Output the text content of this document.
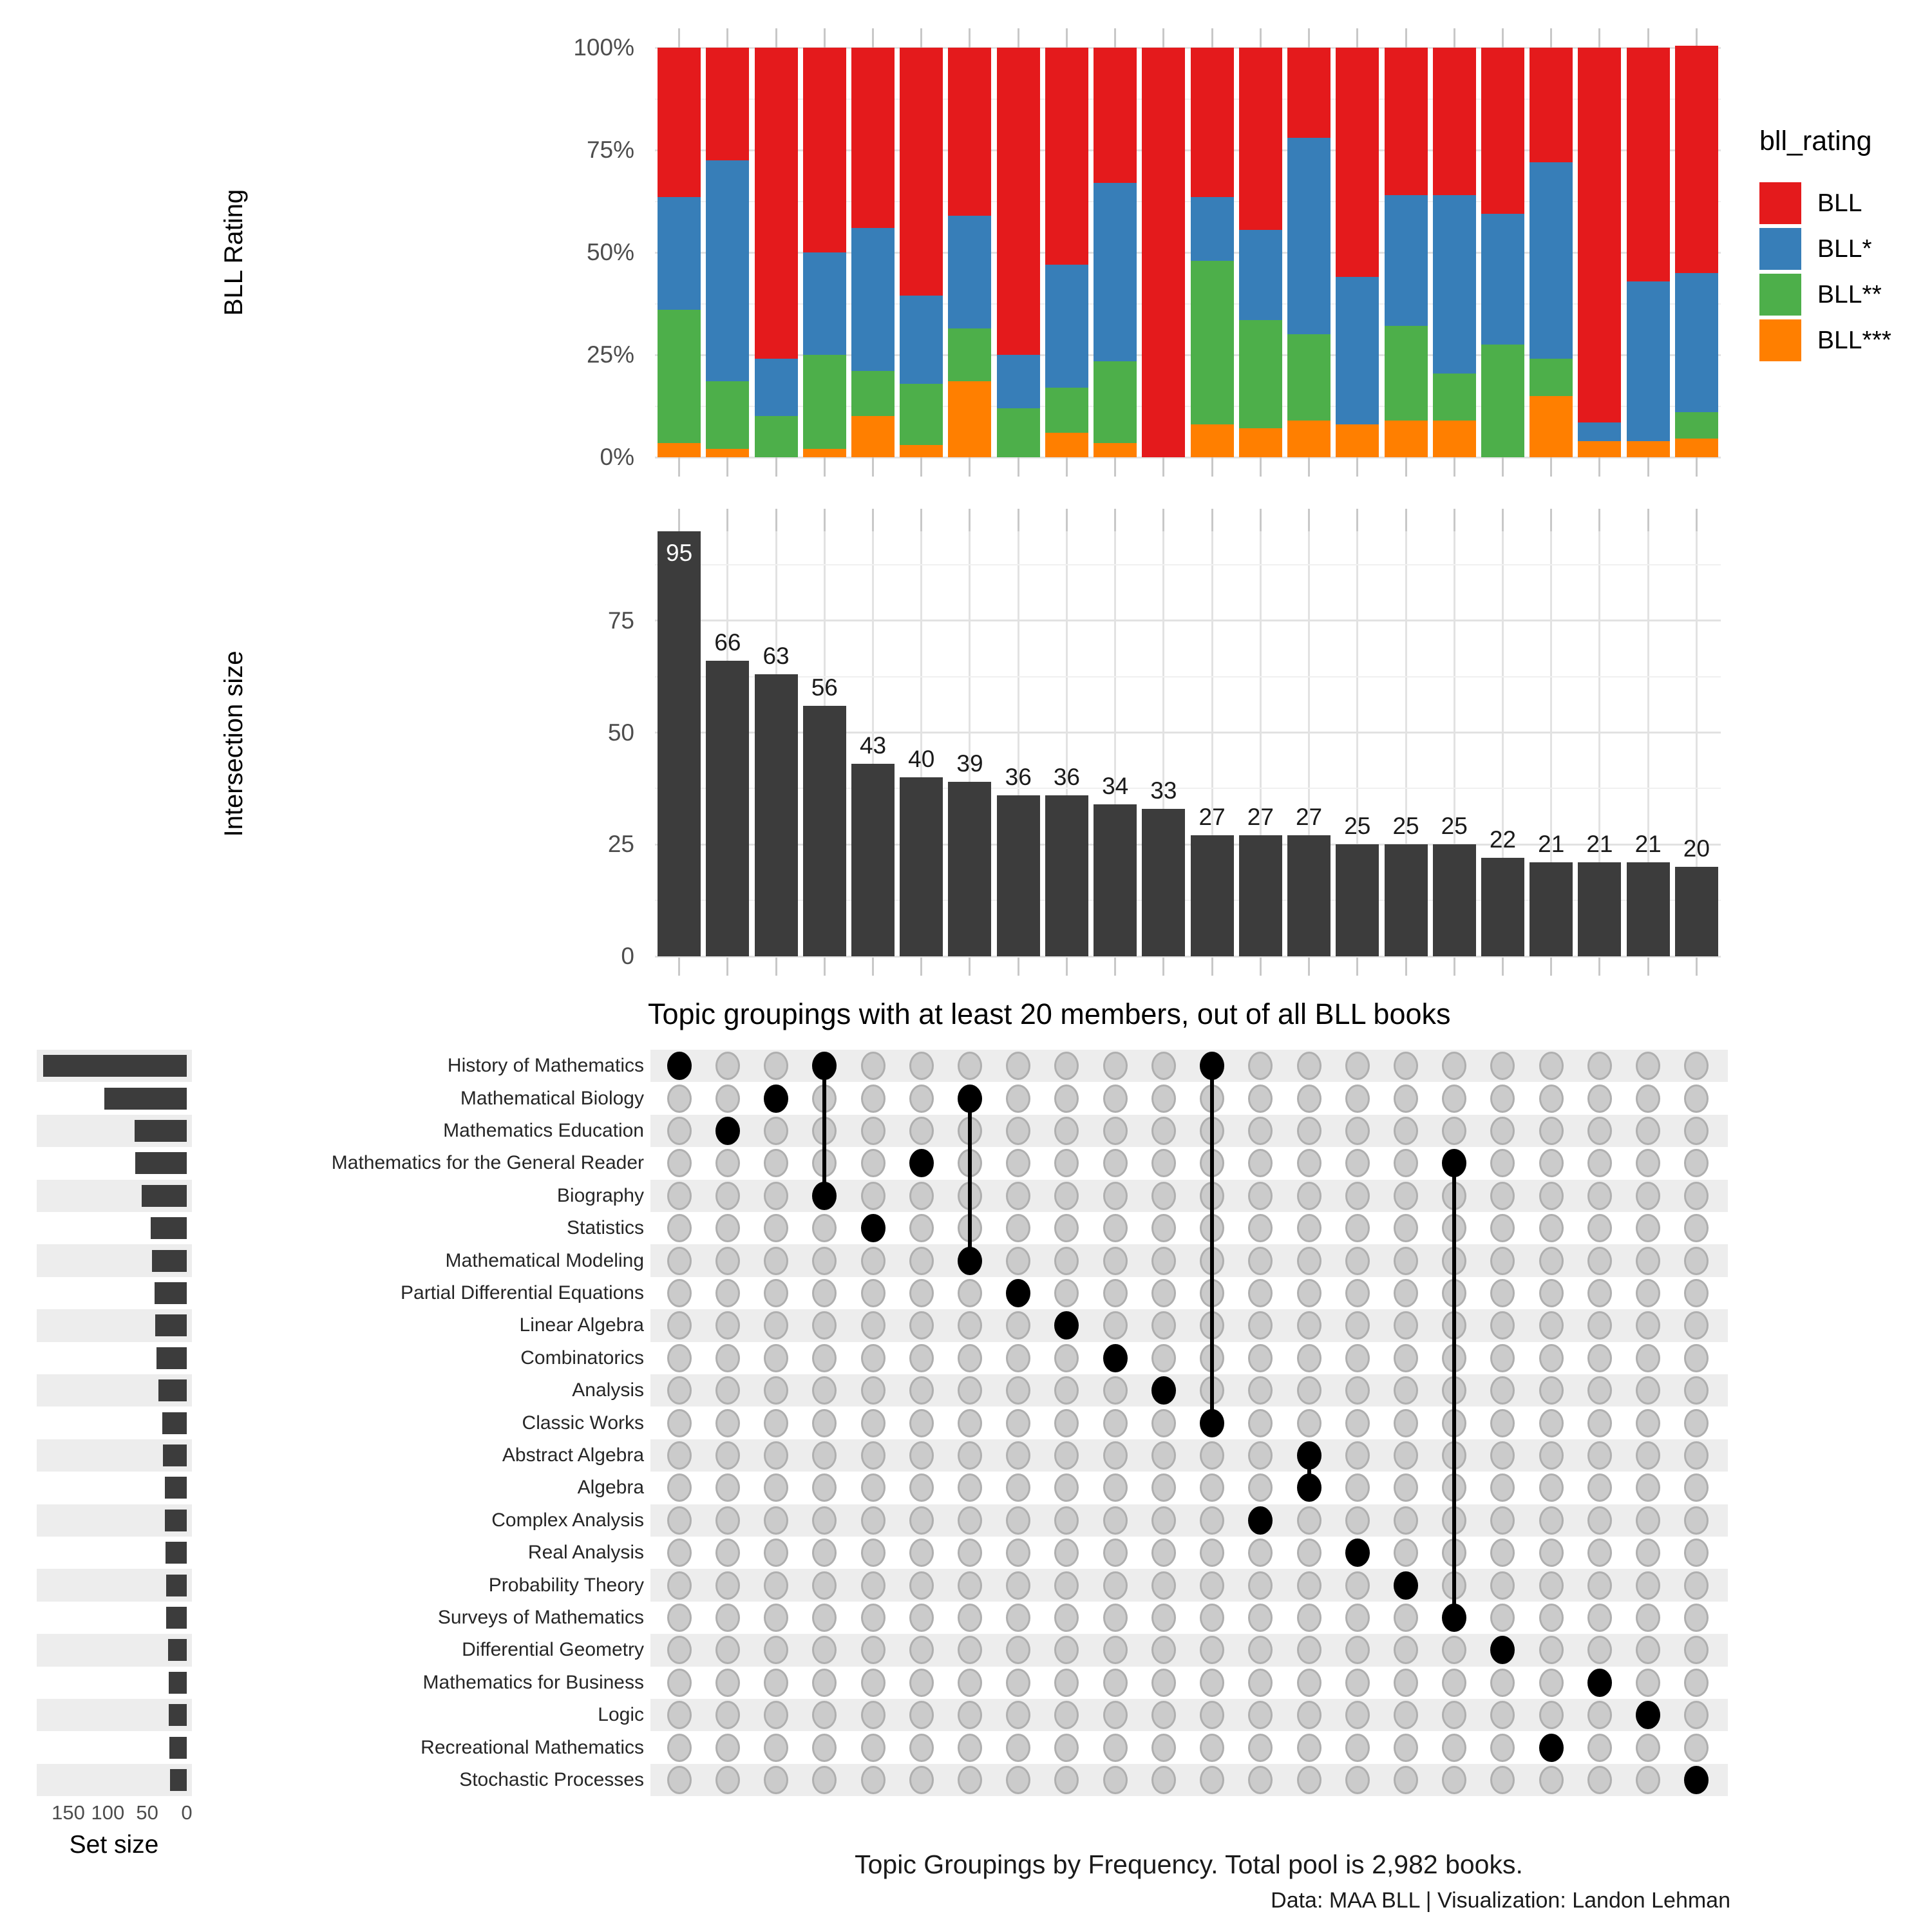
BLL Rating
Intersection size
bll_rating
BLL
BLL*
BLL**
BLL***
0%
25%
50%
75%
100%
95
66
63
56
43
40 39
36 36 34 33
27 27 27 25 25 25
22 21 21 21 20
0
25
50
75
History of Mathematics
Mathematical Biology
Mathematics Education
Mathematics for the General Reader
Biography
Statistics
Mathematical Modeling
Partial Differential Equations
Linear Algebra
Combinatorics
Analysis
Classic Works
Abstract Algebra
Algebra
Complex Analysis
Real Analysis
Probability Theory
Surveys of Mathematics
Differential Geometry
Mathematics for Business
Logic
Recreational Mathematics
Stochastic Processes
150 100 50	0
Topic groupings with at least 20 members, out of all BLL books
Set size
Topic Groupings by Frequency. Total pool is 2,982 books.
Data: MAA BLL | Visualization: Landon Lehman
